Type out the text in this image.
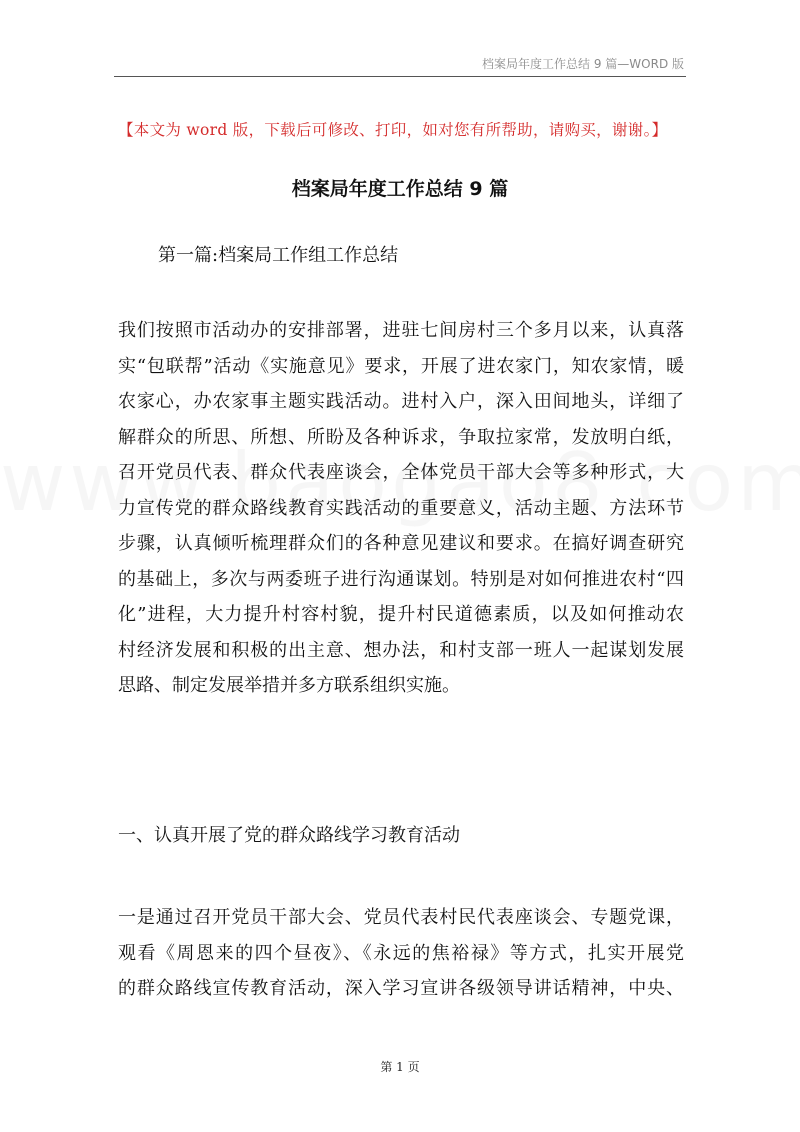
档案局年度工作总结 9 篇—WORD 版
【本文为 word 版，下载后可修改、打印，如对您有所帮助，请购买，谢谢。】
档案局年度工作总结 9 篇
第一篇:档案局工作组工作总结
我们按照市活动办的安排部署，进驻七间房村三个多月以来，认真落
实“包联帮”活动《实施意见》要求，开展了进农家门，知农家情，暖
农家心，办农家事主题实践活动。进村入户，深入田间地头，详细了
解群众的所思、所想、所盼及各种诉求，争取拉家常，发放明白纸，
召开党员代表、群众代表座谈会，全体党员干部大会等多种形式，大
力宣传党的群众路线教育实践活动的重要意义，活动主题、方法环节
步骤，认真倾听梳理群众们的各种意见建议和要求。在搞好调查研究
的基础上，多次与两委班子进行沟通谋划。特别是对如何推进农村“四
化”进程，大力提升村容村貌，提升村民道德素质，以及如何推动农
村经济发展和积极的出主意、想办法，和村支部一班人一起谋划发展
思路、制定发展举措并多方联系组织实施。
一、认真开展了党的群众路线学习教育活动
一是通过召开党员干部大会、党员代表村民代表座谈会、专题党课，
观看《周恩来的四个昼夜》、《永远的焦裕禄》等方式，扎实开展党
的群众路线宣传教育活动，深入学习宣讲各级领导讲话精神，中央、
第 1 页
